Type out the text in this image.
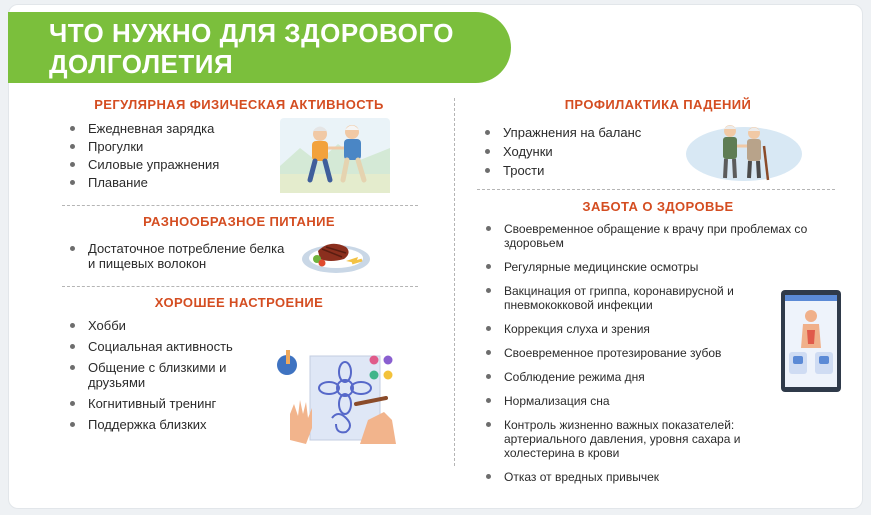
ЧТО НУЖНО ДЛЯ ЗДОРОВОГО
ДОЛГОЛЕТИЯ
РЕГУЛЯРНАЯ ФИЗИЧЕСКАЯ АКТИВНОСТЬ
Ежедневная зарядка
Прогулки
Силовые упражнения
Плавание
РАЗНООБРАЗНОЕ ПИТАНИЕ
Достаточное потребление белка и пищевых волокон
ХОРОШЕЕ НАСТРОЕНИЕ
Хобби
Социальная активность
Общение с близкими и друзьями
Когнитивный тренинг
Поддержка близких
ПРОФИЛАКТИКА ПАДЕНИЙ
Упражнения на баланс
Ходунки
Трости
ЗАБОТА О ЗДОРОВЬЕ
Своевременное обращение к врачу при проблемах со здоровьем
Регулярные медицинские осмотры
Вакцинация от гриппа, коронавирусной и пневмококковой инфекции
Коррекция слуха и зрения
Своевременное протезирование зубов
Соблюдение режима дня
Нормализация сна
Контроль жизненно важных показателей: артериального давления, уровня сахара и холестерина в крови
Отказ от вредных привычек
